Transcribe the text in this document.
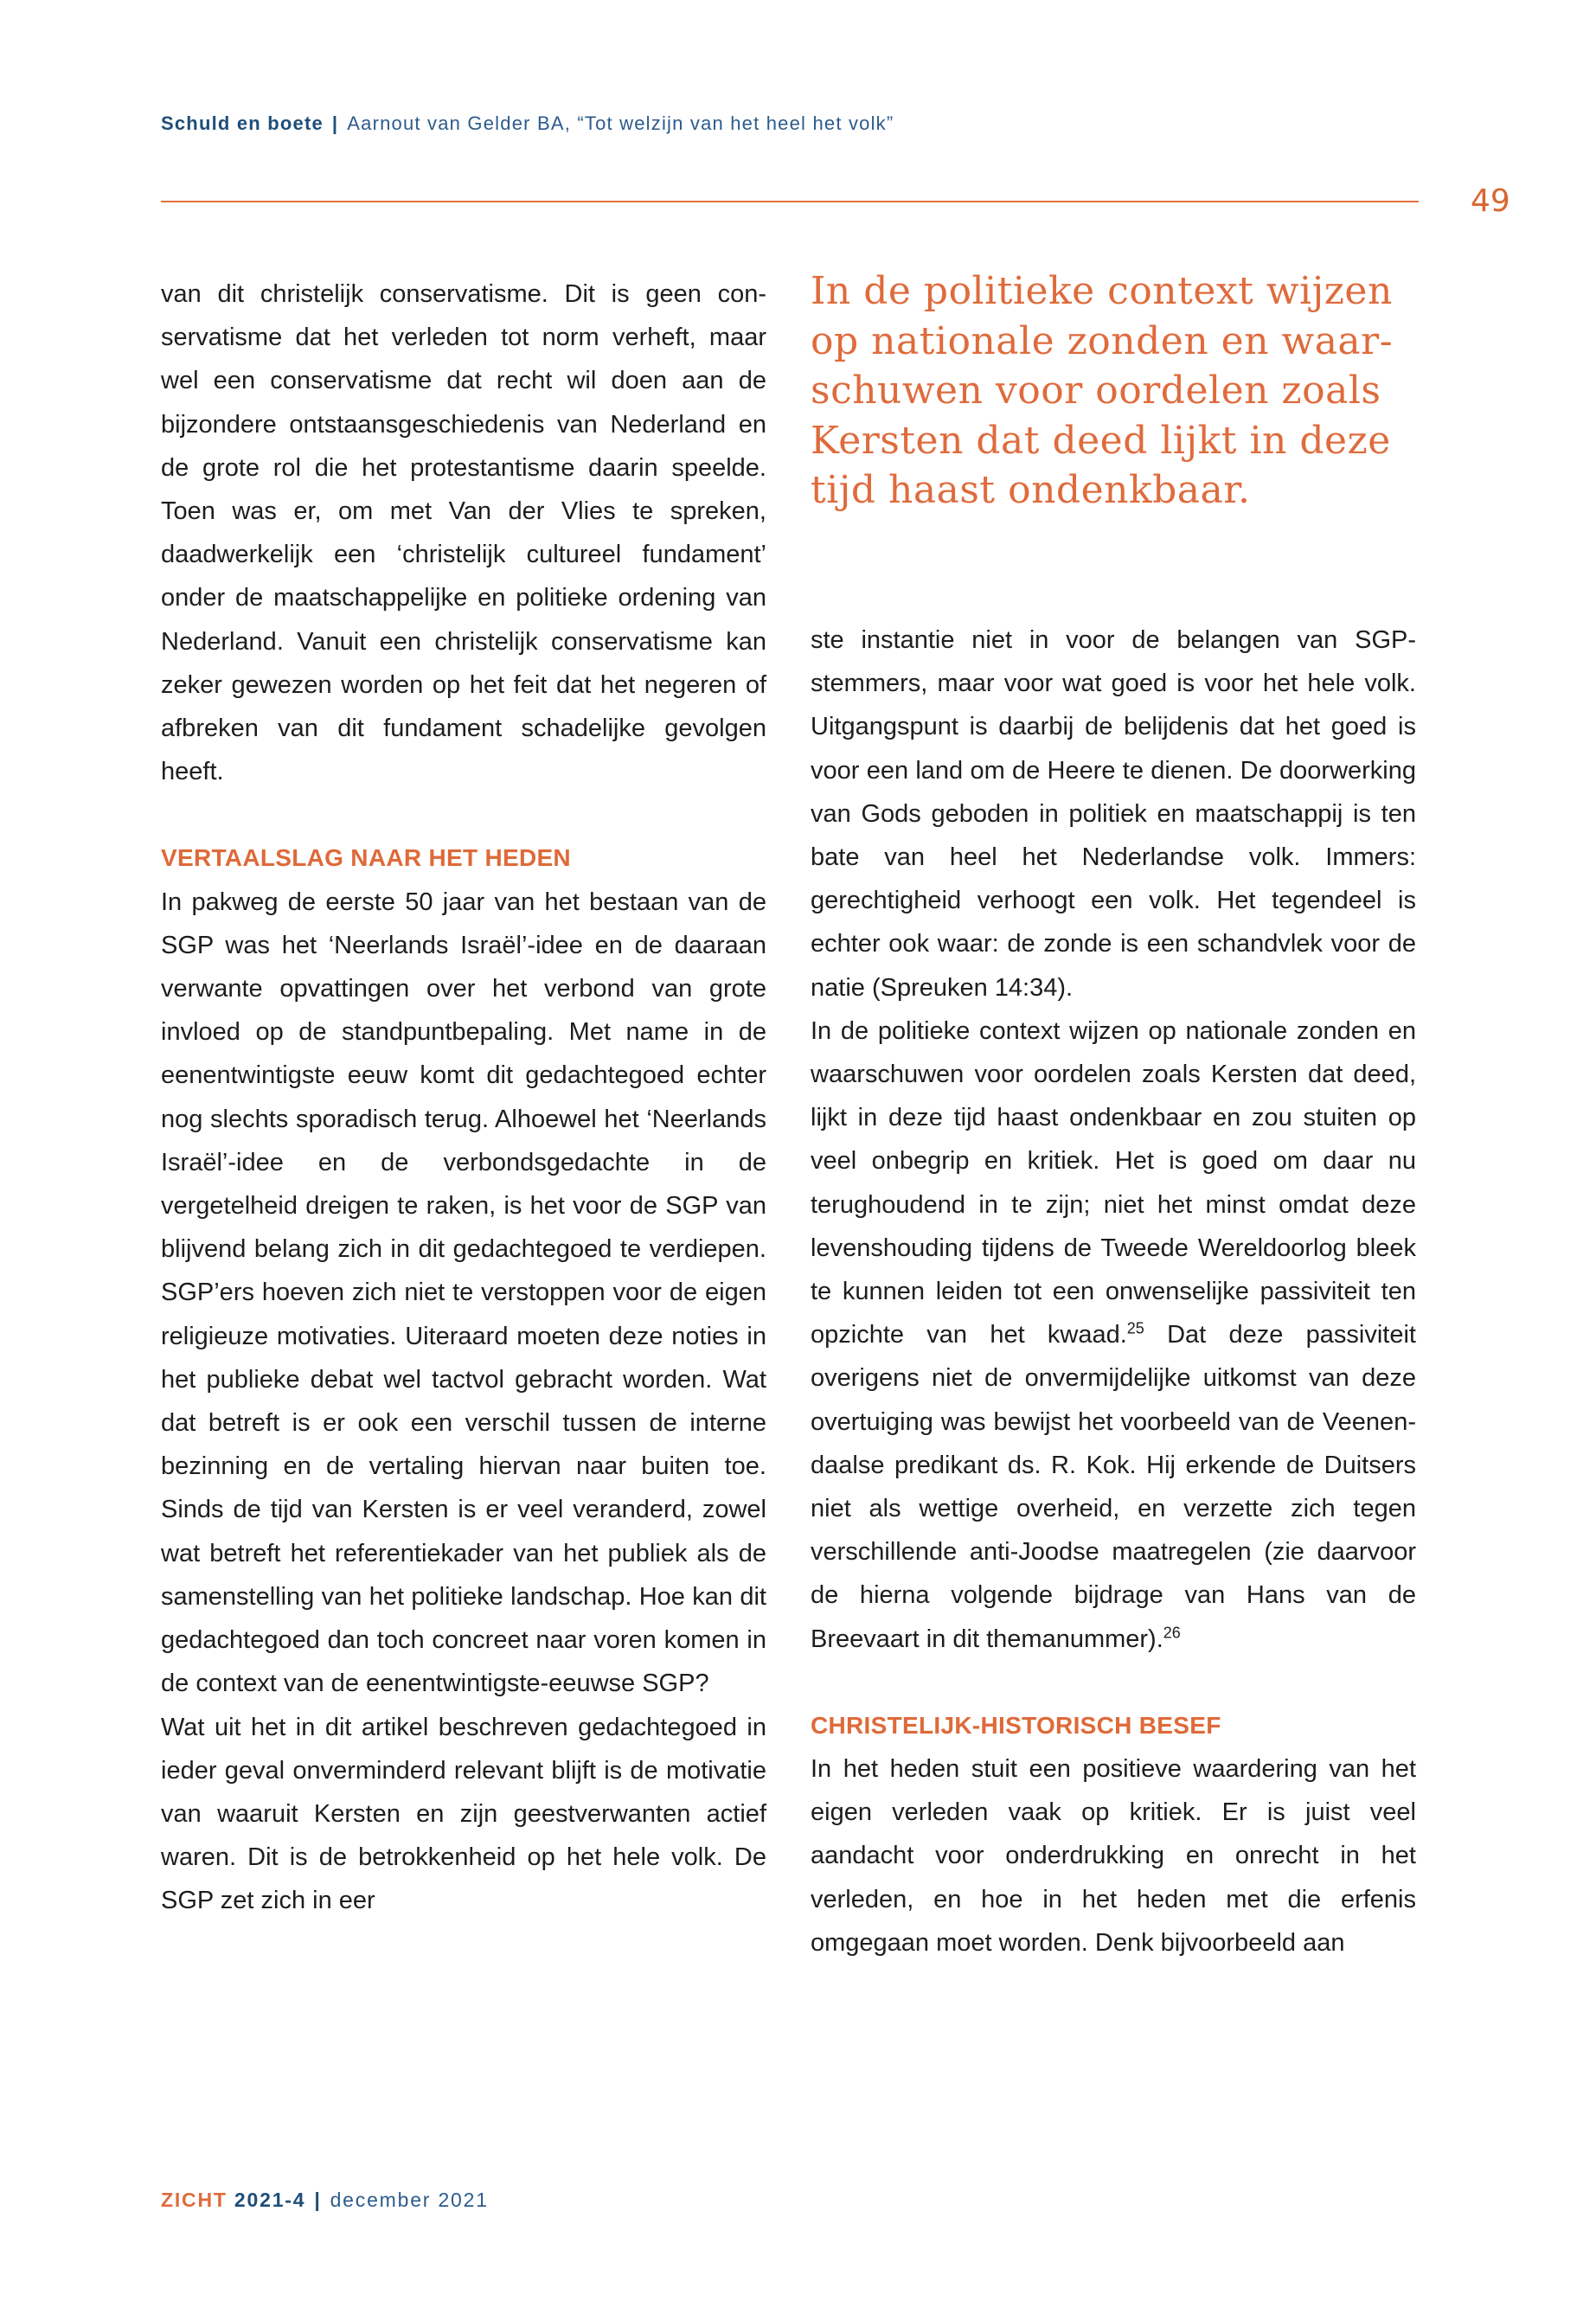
Schuld en boete | Aarnout van Gelder BA, “Tot welzijn van het heel het volk”
49

van dit christelijk conservatisme. Dit is geen conservatisme dat het verleden tot norm verheft, maar wel een conservatisme dat recht wil doen aan de bijzondere ontstaansgeschiedenis van Nederland en de grote rol die het protestantisme daarin speelde. Toen was er, om met Van der Vlies te spreken, daadwerkelijk een ‘christelijk cultureel fundament’ onder de maatschappelijke en politieke ordening van Nederland. Vanuit een christelijk conservatisme kan zeker gewezen worden op het feit dat het negeren of afbreken van dit fundament schadelijke gevolgen heeft.

VERTAALSLAG NAAR HET HEDEN

In pakweg de eerste 50 jaar van het bestaan van de SGP was het ‘Neerlands Israël’-idee en de daaraan verwante opvattingen over het verbond van grote invloed op de standpuntbepaling. Met name in de eenentwintigste eeuw komt dit gedachtegoed echter nog slechts sporadisch terug. Alhoewel het ‘Neerlands Israël’-idee en de verbondsgedachte in de vergetelheid dreigen te raken, is het voor de SGP van blijvend belang zich in dit gedachtegoed te verdiepen. SGP’ers hoeven zich niet te verstoppen voor de eigen religieuze motivaties. Uiteraard moeten deze noties in het publieke debat wel tactvol gebracht worden. Wat dat betreft is er ook een verschil tussen de interne bezinning en de vertaling hiervan naar buiten toe. Sinds de tijd van Kersten is er veel veranderd, zowel wat betreft het referentiekader van het publiek als de samenstelling van het politieke landschap. Hoe kan dit gedachtegoed dan toch concreet naar voren komen in de context van de eenentwintigste-eeuwse SGP?

Wat uit het in dit artikel beschreven gedachtegoed in ieder geval onverminderd relevant blijft is de motivatie van waaruit Kersten en zijn geestverwanten actief waren. Dit is de betrokkenheid op het hele volk. De SGP zet zich in eer

In de politieke context wijzen op nationale zonden en waarschuwen voor oordelen zoals Kersten dat deed lijkt in deze tijd haast ondenkbaar.

ste instantie niet in voor de belangen van SGP-stemmers, maar voor wat goed is voor het hele volk. Uitgangspunt is daarbij de belijdenis dat het goed is voor een land om de Heere te dienen. De doorwerking van Gods geboden in politiek en maatschappij is ten bate van heel het Nederlandse volk. Immers: gerechtigheid verhoogt een volk. Het tegendeel is echter ook waar: de zonde is een schandvlek voor de natie (Spreuken 14:34).

In de politieke context wijzen op nationale zonden en waarschuwen voor oordelen zoals Kersten dat deed, lijkt in deze tijd haast ondenkbaar en zou stuiten op veel onbegrip en kritiek. Het is goed om daar nu terughoudend in te zijn; niet het minst omdat deze levenshouding tijdens de Tweede Wereldoorlog bleek te kunnen leiden tot een onwenselijke passiviteit ten opzichte van het kwaad.$^{25}$ Dat deze passiviteit overigens niet de onvermijdelijke uitkomst van deze overtuiging was bewijst het voorbeeld van de Veenendaalse predikant ds. R. Kok. Hij erkende de Duitsers niet als wettige overheid, en verzette zich tegen verschillende anti-Joodse maatregelen (zie daarvoor de hierna volgende bijdrage van Hans van de Breevaart in dit themanummer).$^{26}$

CHRISTELIJK-HISTORISCH BESEF

In het heden stuit een positieve waardering van het eigen verleden vaak op kritiek. Er is juist veel aandacht voor onderdrukking en onrecht in het verleden, en hoe in het heden met die erfenis omgegaan moet worden. Denk bijvoorbeeld aan

ZICHT 2021-4 | december 2021
